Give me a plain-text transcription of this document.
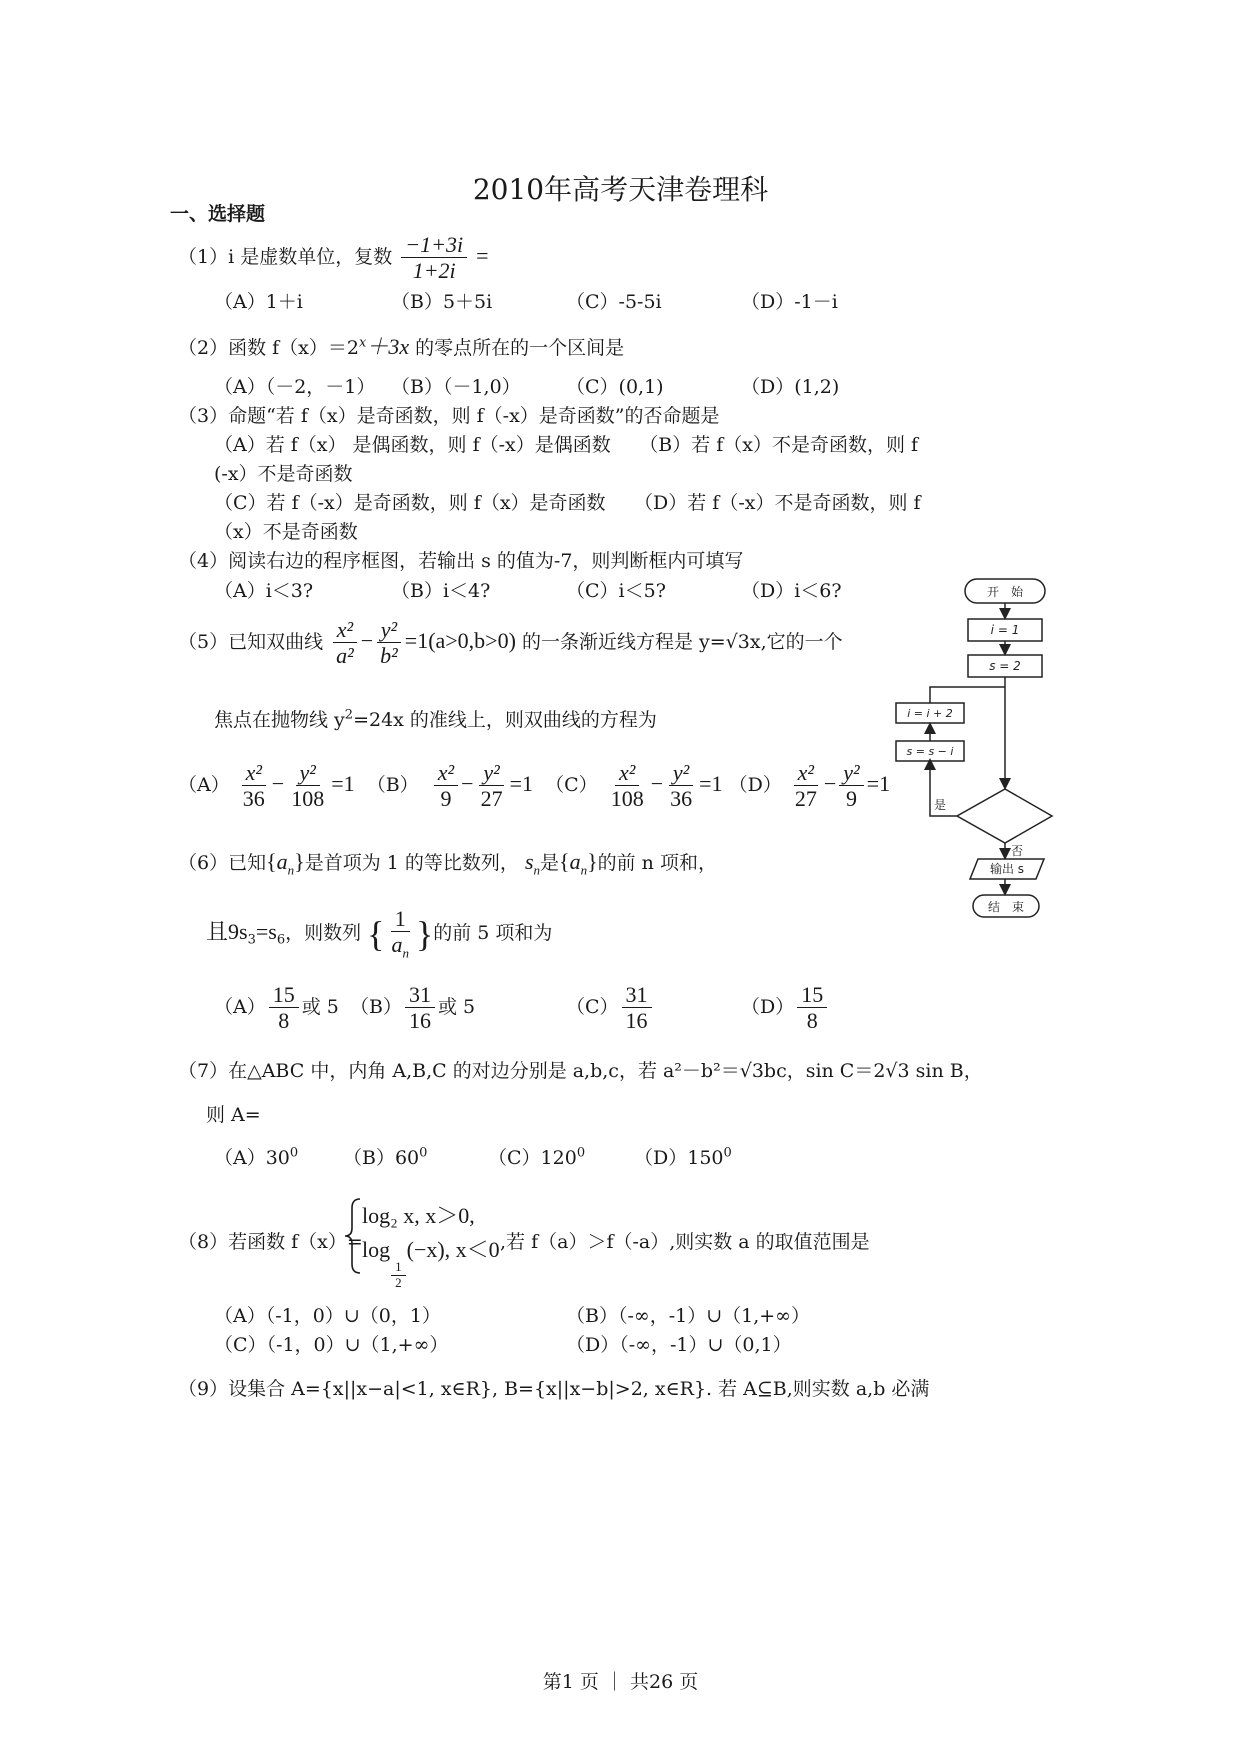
2010年高考天津卷理科
一、选择题
（1）i 是虚数单位，复数 $\frac{-1+3i}{1+2i}$ =
（A）1＋i	（B）5＋5i	（C）-5-5i	（D）-1－i
（2）函数 $f(x)=2^x+3x$ 的零点所在的一个区间是
（A）（－2，－1） （B）（－1,0） （C）(0,1)	（D）(1,2)
（3）命题“若 f（x）是奇函数，则 f（-x）是奇函数”的否命题是
（A）若 f（x） 是偶函数，则 f（-x）是偶函数　　（B）若 f（x）不是奇函数，则 f
(-x）不是奇函数
（C）若 f（-x）是奇函数，则 f（x）是奇函数　　（D）若 f（-x）不是奇函数，则 f
（x）不是奇函数
（4）阅读右边的程序框图，若输出 s 的值为-7，则判断框内可填写
（A）i＜3?	（B）i＜4?	（C）i＜5?	（D）i＜6?
（5）已知双曲线 $\frac{\text{x²}}{\text{a²}} - \frac{\text{y²}}{\text{b²}} =1(a>0,b>0)$ 的一条渐近线方程是 y=√3x,它的一个
焦点在抛物线 $y^2=24x$ 的准线上，则双曲线的方程为
$(A) \frac{\text{x²}}{36} - \frac{\text{y²}}{108} =1$ $(B) \frac{\text{x²}}{9} - \frac{\text{y²}}{27} =1$ $(C) \frac{\text{x²}}{108} - \frac{\text{y²}}{36} =1$ $(D) \frac{\text{x²}}{27} - \frac{\text{y²}}{9} =1$
（6）已知$\{a_n\}$是首项为 1 的等比数列， $s_n$是$\{a_n\}$的前 n 项和，
且$9s_3=s_6$，则数列 { $\frac{1}{a_n}$ }的前 5 项和为
$(A) \frac{15}{8}$ 或 5 $(B) \frac{31}{16}$ 或 5	$(C) \frac{31}{16}$	$(D) \frac{15}{8}$
（7）在△ABC 中，内角 A,B,C 的对边分别是 a,b,c，若 a²－b²＝√3bc，sin C＝2√3 sin B，
则 A=
$(A)30^0$ $(B)60^0$	$(C)120^0$	$(D)150^0$
（8）若函数 f（x）=
log₂ x, x＞0,
log
$\frac{1}{2}$
(−x), x＜0 ,若 f（a）＞f（-a）,则实数 a 的取值范围是
（A）（-1，0）∪（0，1）	（B）（-∞，-1）∪（1,+∞）
（C）（-1，0）∪（1,+∞）	（D）（-∞，-1）∪（0,1）
（9）设集合 A={x||x−a|<1, x∈R}, B={x||x−b|>2, x∈R}. 若 A⊆B,则实数 a,b 必满
开　始
i = 1
s = 2
i = i + 2
s = s − i
是
否
输出 s
结　束
第1 页 ｜ 共26 页
